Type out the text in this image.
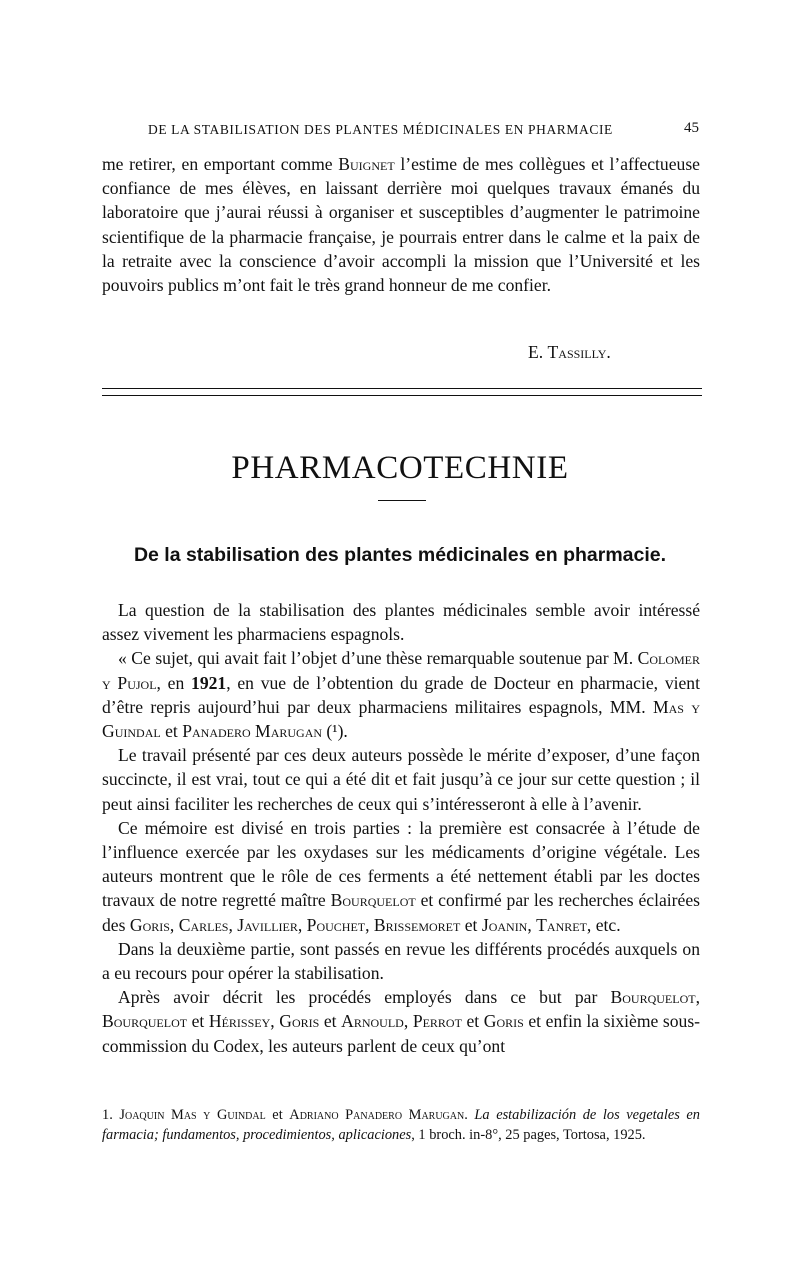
DE LA STABILISATION DES PLANTES MÉDICINALES EN PHARMACIE	45

me retirer, en emportant comme Buignet l’estime de mes collègues et l’affectueuse confiance de mes élèves, en laissant derrière moi quelques travaux émanés du laboratoire que j’aurai réussi à organiser et susceptibles d’augmenter le patrimoine scientifique de la pharmacie française, je pourrais entrer dans le calme et la paix de la retraite avec la conscience d’avoir accompli la mission que l’Université et les pouvoirs publics m’ont fait le très grand honneur de me confier.

E. Tassilly.
PHARMACOTECHNIE
De la stabilisation des plantes médicinales en pharmacie.

La question de la stabilisation des plantes médicinales semble avoir intéressé assez vivement les pharmaciens espagnols.

« Ce sujet, qui avait fait l’objet d’une thèse remarquable soutenue par M. Colomer y Pujol, en 1921, en vue de l’obtention du grade de Docteur en pharmacie, vient d’être repris aujourd’hui par deux pharmaciens militaires espagnols, MM. Mas y Guindal et Panadero Marugan (¹).

Le travail présenté par ces deux auteurs possède le mérite d’exposer, d’une façon succincte, il est vrai, tout ce qui a été dit et fait jusqu’à ce jour sur cette question ; il peut ainsi faciliter les recherches de ceux qui s’intéresseront à elle à l’avenir.

Ce mémoire est divisé en trois parties : la première est consacrée à l’étude de l’influence exercée par les oxydases sur les médicaments d’origine végétale. Les auteurs montrent que le rôle de ces ferments a été nettement établi par les doctes travaux de notre regretté maître Bourquelot et confirmé par les recherches éclairées des Goris, Carles, Javillier, Pouchet, Brissemoret et Joanin, Tanret, etc.

Dans la deuxième partie, sont passés en revue les différents procédés auxquels on a eu recours pour opérer la stabilisation.

Après avoir décrit les procédés employés dans ce but par Bourquelot, Bourquelot et Hérissey, Goris et Arnould, Perrot et Goris et enfin la sixième sous-commission du Codex, les auteurs parlent de ceux qu’ont

1. Joaquin Mas y Guindal et Adriano Panadero Marugan. La estabilización de los vegetales en farmacia; fundamentos, procedimientos, aplicaciones, 1 broch. in-8°, 25 pages, Tortosa, 1925.
